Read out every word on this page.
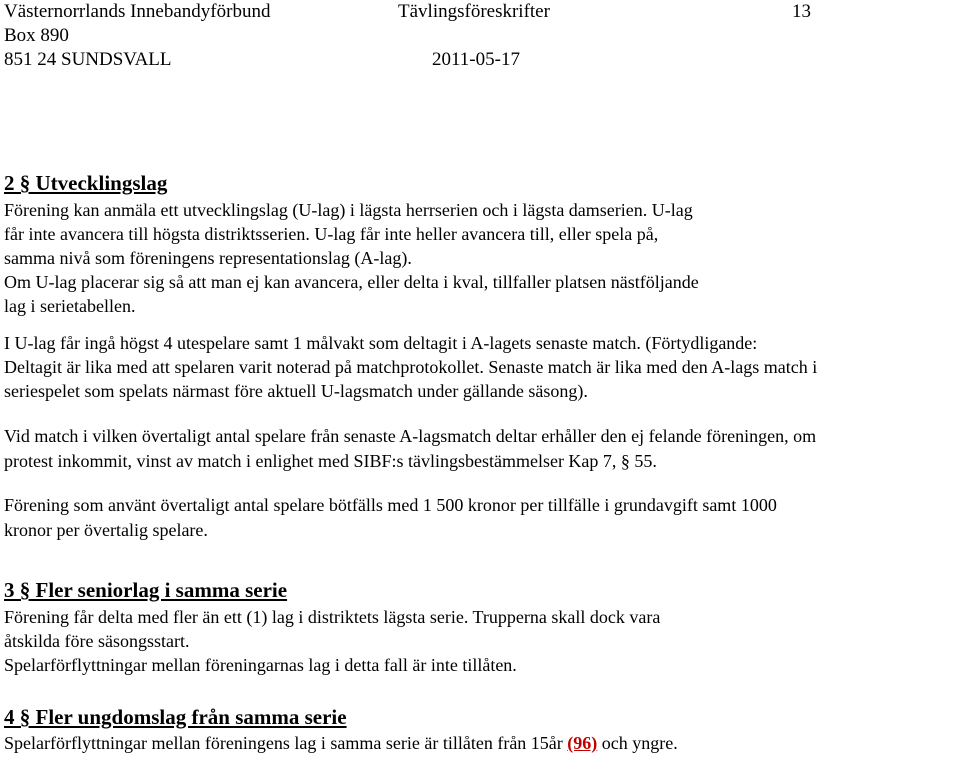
Västernorrlands Innebandyförbund	Tävlingsföreskrifter	13
Box 890
851 24 SUNDSVALL	2011-05-17
2 § Utvecklingslag
Förening kan anmäla ett utvecklingslag (U-lag) i lägsta herrserien och i lägsta damserien. U-lag
får inte avancera till högsta distriktsserien. U-lag får inte heller avancera till, eller spela på,
samma nivå som föreningens representationslag (A-lag).
Om U-lag placerar sig så att man ej kan avancera, eller delta i kval, tillfaller platsen nästföljande
lag i serietabellen.
I U-lag får ingå högst 4 utespelare samt 1 målvakt som deltagit i A-lagets senaste match. (Förtydligande:
Deltagit är lika med att spelaren varit noterad på matchprotokollet. Senaste match är lika med den A-lags match i
seriespelet som spelats närmast före aktuell U-lagsmatch under gällande säsong).
Vid match i vilken övertaligt antal spelare från senaste A-lagsmatch deltar erhåller den ej felande föreningen, om
protest inkommit, vinst av match i enlighet med SIBF:s tävlingsbestämmelser Kap 7, § 55.
Förening som använt övertaligt antal spelare bötfälls med 1 500 kronor per tillfälle i grundavgift samt 1000
kronor per övertalig spelare.
3 § Fler seniorlag i samma serie
Förening får delta med fler än ett (1) lag i distriktets lägsta serie. Trupperna skall dock vara
åtskilda före säsongsstart.
Spelarförflyttningar mellan föreningarnas lag i detta fall är inte tillåten.
4 § Fler ungdomslag från samma serie
Spelarförflyttningar mellan föreningens lag i samma serie är tillåten från 15år (96) och yngre.
